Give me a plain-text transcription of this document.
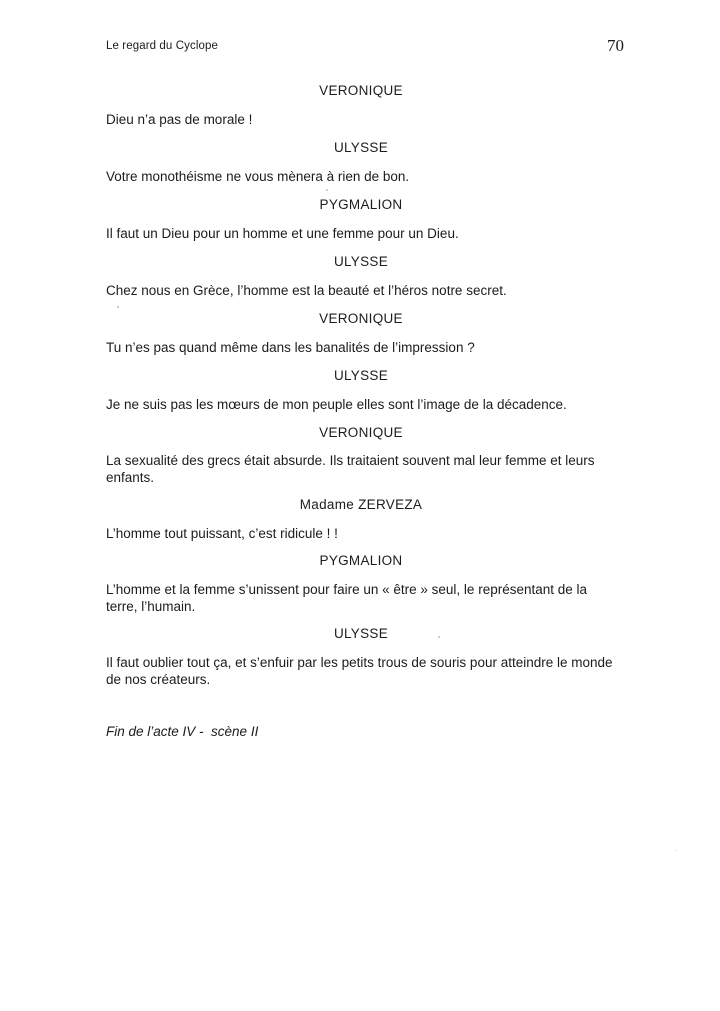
Le regard du Cyclope	70
VERONIQUE
Dieu n’a pas de morale !
ULYSSE
Votre monothéisme ne vous mènera à rien de bon.
PYGMALION
Il faut un Dieu pour un homme et une femme pour un Dieu.
ULYSSE
Chez nous en Grèce, l’homme est la beauté et l’héros notre secret.
VERONIQUE
Tu n’es pas quand même dans les banalités de l’impression ?
ULYSSE
Je ne suis pas les mœurs de mon peuple elles sont l’image de la décadence.
VERONIQUE
La sexualité des grecs était absurde. Ils traitaient souvent mal leur femme et leurs enfants.
Madame ZERVEZA
L’homme tout puissant, c’est ridicule ! !
PYGMALION
L’homme et la femme s’unissent pour faire un « être » seul, le représentant de la terre, l’humain.
ULYSSE
Il faut oublier tout ça, et s’enfuir par les petits trous de souris pour atteindre le monde de nos créateurs.
Fin de l’acte IV -  scène II
